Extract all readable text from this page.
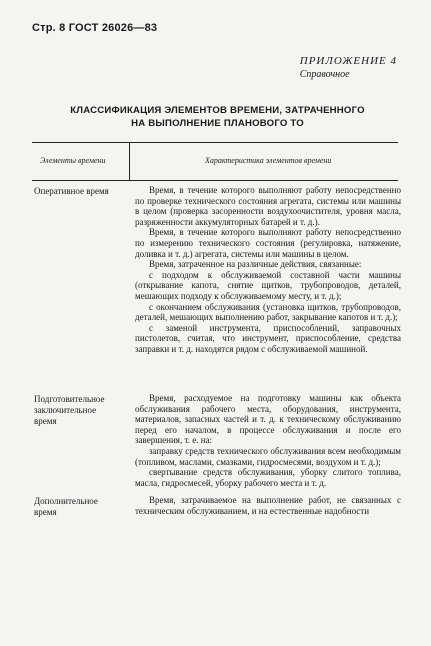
Стр. 8 ГОСТ 26026—83
ПРИЛОЖЕНИЕ 4
Справочное
КЛАССИФИКАЦИЯ ЭЛЕМЕНТОВ ВРЕМЕНИ, ЗАТРАЧЕННОГО
НА ВЫПОЛНЕНИЕ ПЛАНОВОГО ТО
Элементы времени	Характеристика элементов времени
Оперативное время	Время, в течение которого выполняют работу непосредственно по проверке технического состояния агрегата, системы или машины в целом (проверка засоренности воздухоочистителя, уровня масла, разряженности аккумуляторных батарей и т. д.).

Время, в течение которого выполняют работу непосредственно по измерению технического состояния (регулировка, натяжение, доливка и т. д.) агрегата, системы или машины в целом.

Время, затраченное на различные действия, связанные:

с подходом к обслуживаемой составной части машины (открывание капота, снятие щитков, трубопроводов, деталей, мешающих подходу к обслуживаемому месту, и т. д.);

с окончанием обслуживания (установка щитков, трубопроводов, деталей, мешающих выполнению работ, закрывание капотов и т. д.);

с заменой инструмента, приспособлений, заправочных пистолетов, считая, что инструмент, приспособление, средства заправки и т. д. находятся рядом с обслуживаемой машиной.

Подготовительное заключительное время

Время, расходуемое на подготовку машины как объекта обслуживания рабочего места, оборудования, инструмента, материалов, запасных частей и т. д. к техническому обслуживанию перед его началом, в процессе обслуживания и после его завершения, т. е. на:

заправку средств технического обслуживания всем необходимым (топливом, маслами, смазками, гидросмесями, воздухом и т. д.);

свертывание средств обслуживания, уборку слитого топлива, масла, гидросмесей, уборку рабочего места и т. д.

Дополнительное время

Время, затрачиваемое на выполнение работ, не связанных с техническим обслуживанием, и на естественные надобности
